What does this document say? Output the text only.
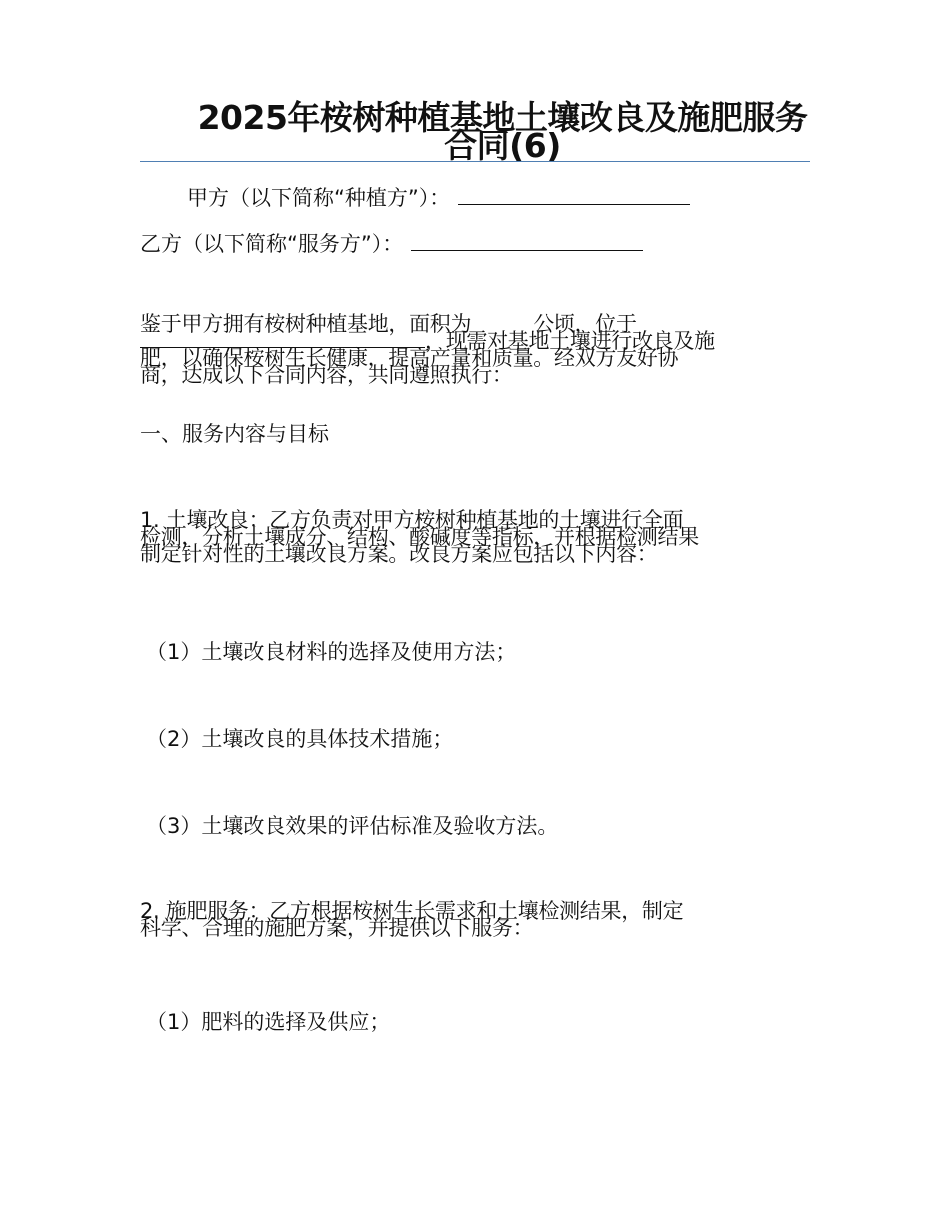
2025年桉树种植基地土壤改良及施肥服务合同(6)
甲方（以下简称“种植方”）：
乙方（以下简称“服务方”）：
鉴于甲方拥有桉树种植基地，面积为	公顷，位于
，现需对基地土壤进行改良及施
肥，以确保桉树生长健康，提高产量和质量。经双方友好协
商，达成以下合同内容，共同遵照执行：
一、服务内容与目标
1. 土壤改良：乙方负责对甲方桉树种植基地的土壤进行全面
检测，分析土壤成分、结构、酸碱度等指标，并根据检测结果
制定针对性的土壤改良方案。改良方案应包括以下内容：
（1）土壤改良材料的选择及使用方法；
（2）土壤改良的具体技术措施；
（3）土壤改良效果的评估标准及验收方法。
2. 施肥服务：乙方根据桉树生长需求和土壤检测结果，制定
科学、合理的施肥方案，并提供以下服务：
（1）肥料的选择及供应；
